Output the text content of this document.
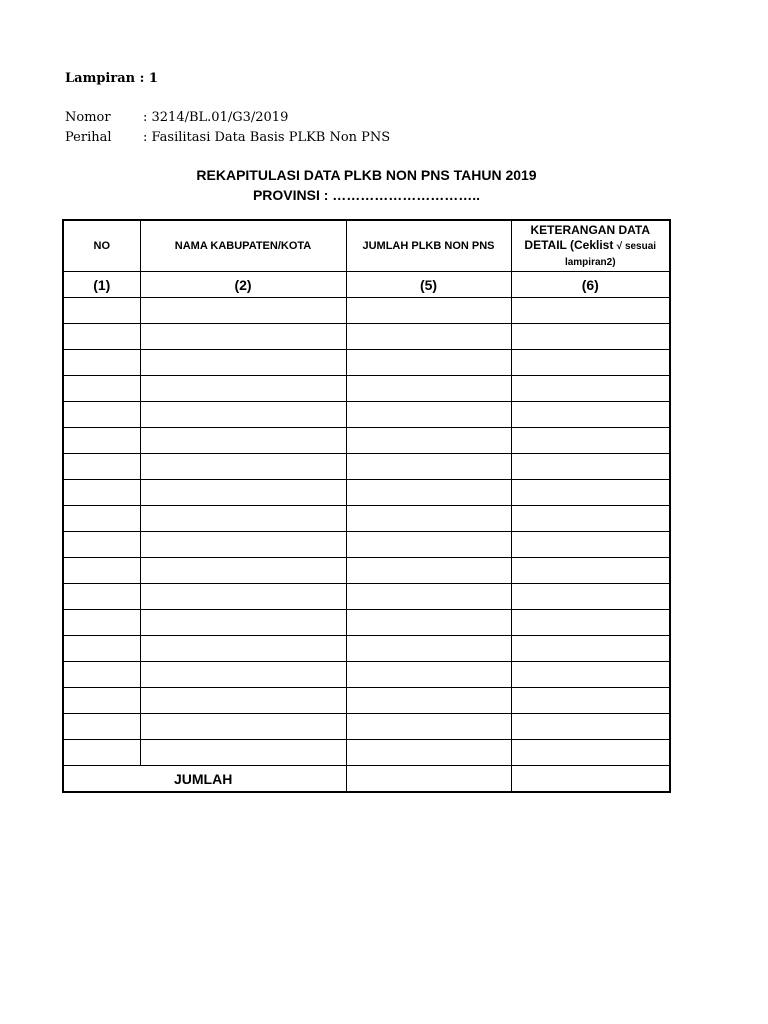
Lampiran : 1
Nomor : 3214/BL.01/G3/2019
Perihal : Fasilitasi Data Basis PLKB Non PNS
REKAPITULASI DATA PLKB NON PNS TAHUN 2019
PROVINSI : …………………………..
NO	NAMA KABUPATEN/KOTA	JUMLAH PLKB NON PNS	KETERANGAN DATA
DETAIL (Ceklist √ sesuai
lampiran2)
(1)	(2)	(5)	(6)

JUMLAH			
